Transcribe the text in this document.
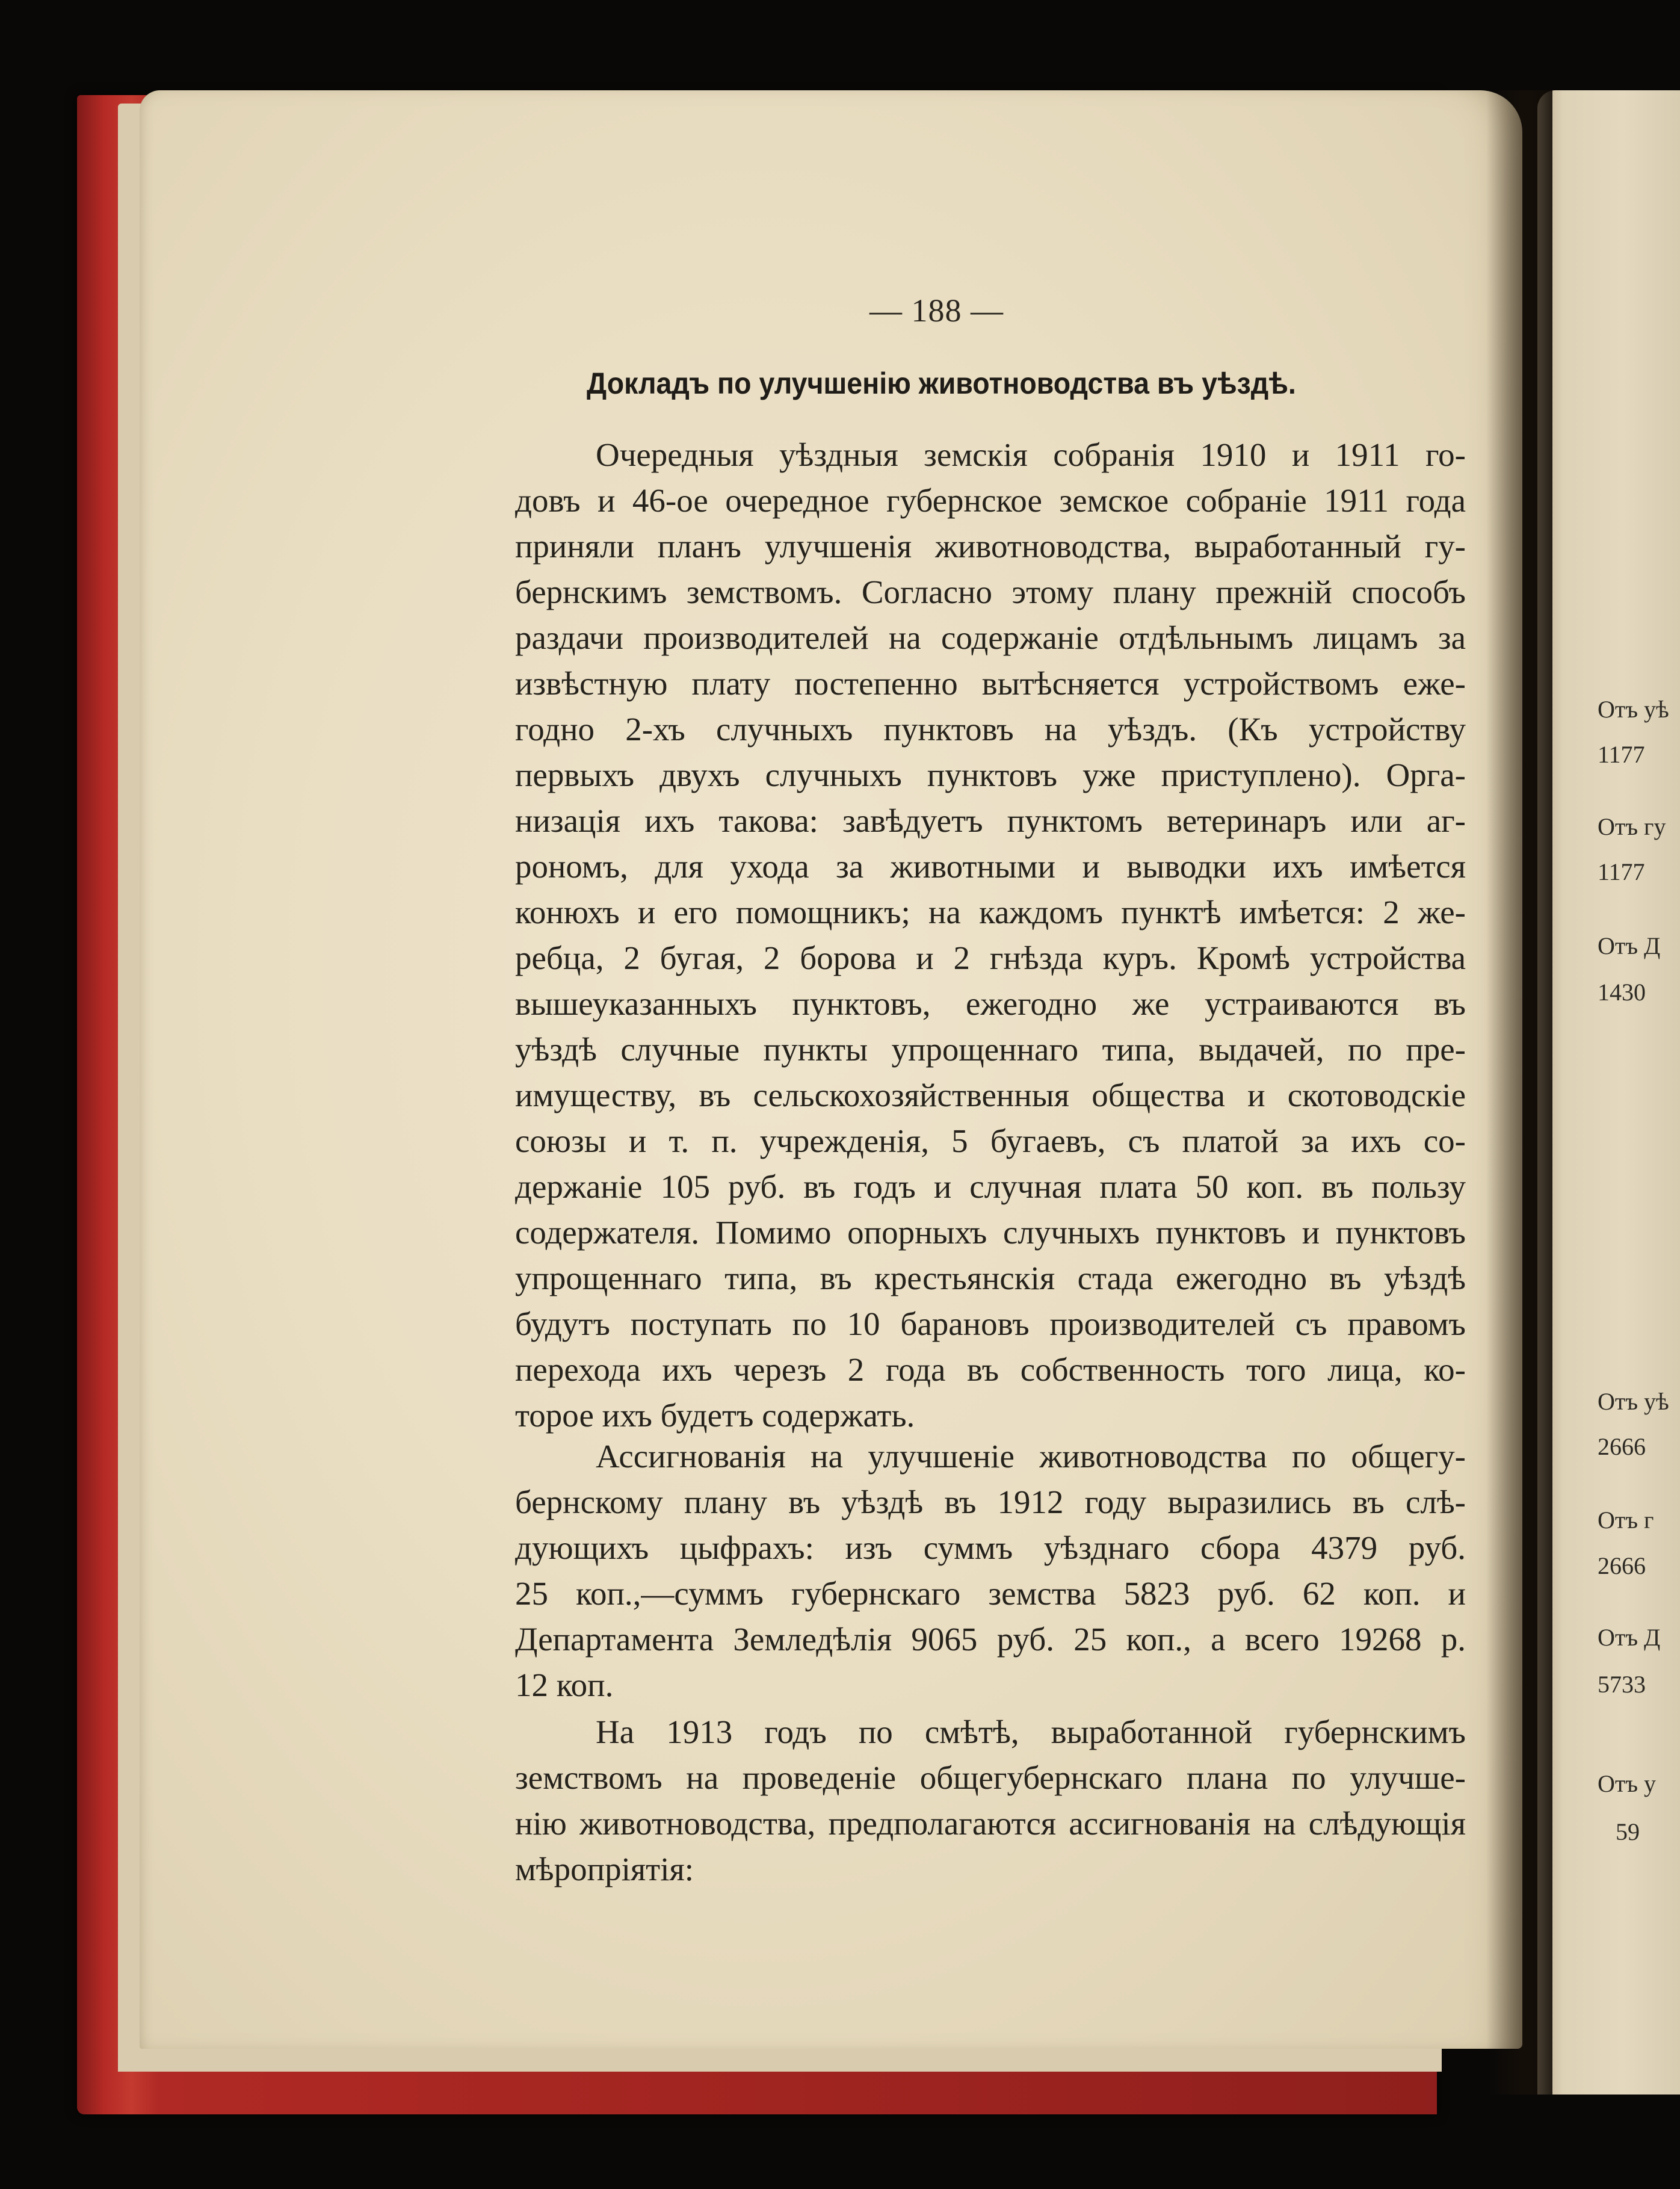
— 188 —
Докладъ по улучшенію животноводства въ уѣздѣ.
Очередныя уѣздныя земскія собранія 1910 и 1911 го-
довъ и 46-ое очередное губернское земское собраніе 1911 года
приняли планъ улучшенія животноводства, выработанный гу-
бернскимъ земствомъ. Согласно этому плану прежній способъ
раздачи производителей на содержаніе отдѣльнымъ лицамъ за
извѣстную плату постепенно вытѣсняется устройствомъ еже-
годно 2-хъ случныхъ пунктовъ на уѣздъ. (Къ устройству
первыхъ двухъ случныхъ пунктовъ уже приступлено). Орга-
низація ихъ такова: завѣдуетъ пунктомъ ветеринаръ или аг-
рономъ, для ухода за животными и выводки ихъ имѣется
конюхъ и его помощникъ; на каждомъ пунктѣ имѣется: 2 же-
ребца, 2 бугая, 2 борова и 2 гнѣзда куръ. Кромѣ устройства
вышеуказанныхъ пунктовъ, ежегодно же устраиваются въ
уѣздѣ случные пункты упрощеннаго типа, выдачей, по пре-
имуществу, въ сельскохозяйственныя общества и скотоводскіе
союзы и т. п. учрежденія, 5 бугаевъ, съ платой за ихъ со-
держаніе 105 руб. въ годъ и случная плата 50 коп. въ пользу
содержателя. Помимо опорныхъ случныхъ пунктовъ и пунктовъ
упрощеннаго типа, въ крестьянскія стада ежегодно въ уѣздѣ
будутъ поступать по 10 барановъ производителей съ правомъ
перехода ихъ черезъ 2 года въ собственность того лица, ко-
торое ихъ будетъ содержать.
Ассигнованія на улучшеніе животноводства по общегу-
бернскому плану въ уѣздѣ въ 1912 году выразились въ слѣ-
дующихъ цыфрахъ: изъ суммъ уѣзднаго сбора 4379 руб.
25 коп.,—суммъ губернскаго земства 5823 руб. 62 коп. и
Департамента Земледѣлія 9065 руб. 25 коп., а всего 19268 р.
12 коп.
На 1913 годъ по смѣтѣ, выработанной губернскимъ
земствомъ на проведеніе общегубернскаго плана по улучше-
нію животноводства, предполагаются ассигнованія на слѣдующія
мѣропріятія:
Отъ уѣ
1177
Отъ гу
1177
Отъ Д
1430
Отъ уѣ
2666
Отъ г
2666
Отъ Д
5733
Отъ у
59
